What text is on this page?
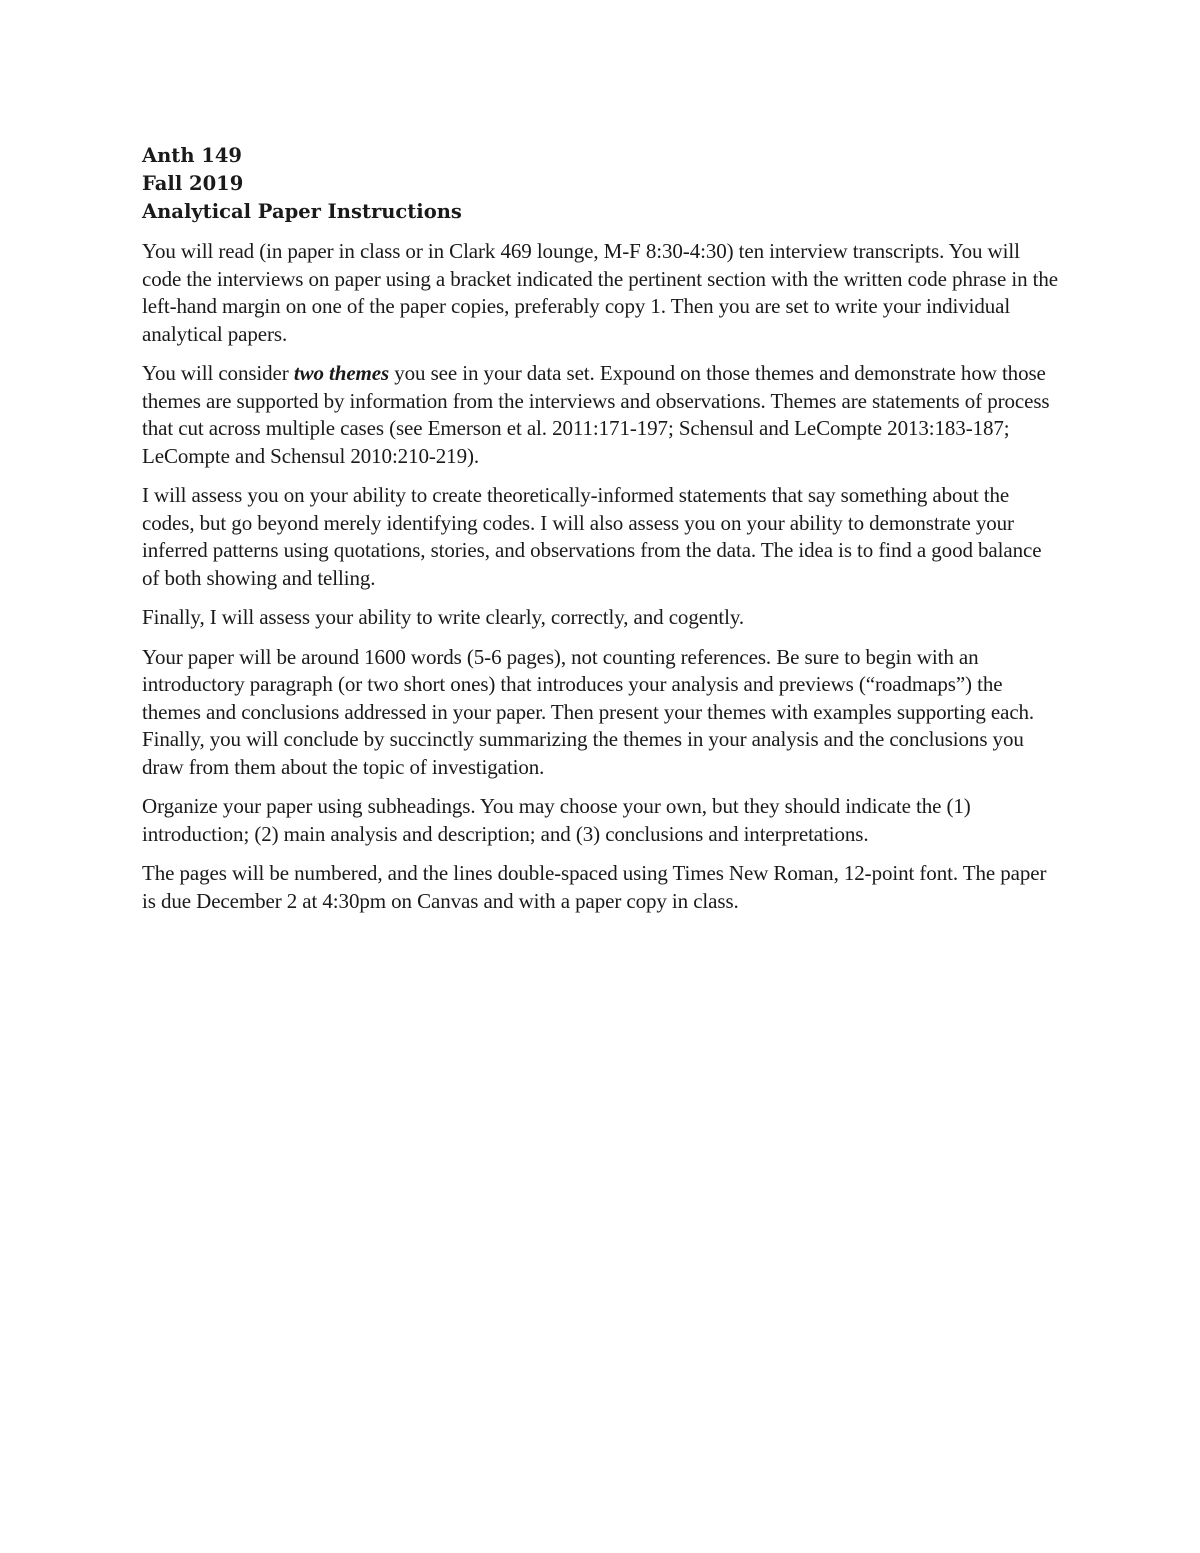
Anth 149
Fall 2019
Analytical Paper Instructions

You will read (in paper in class or in Clark 469 lounge, M-F 8:30-4:30) ten interview transcripts. You will code the interviews on paper using a bracket indicated the pertinent section with the written code phrase in the left-hand margin on one of the paper copies, preferably copy 1. Then you are set to write your individual analytical papers.

You will consider two themes you see in your data set. Expound on those themes and demonstrate how those themes are supported by information from the interviews and observations. Themes are statements of process that cut across multiple cases (see Emerson et al. 2011:171-197; Schensul and LeCompte 2013:183-187; LeCompte and Schensul 2010:210-219).

I will assess you on your ability to create theoretically-informed statements that say something about the codes, but go beyond merely identifying codes. I will also assess you on your ability to demonstrate your inferred patterns using quotations, stories, and observations from the data. The idea is to find a good balance of both showing and telling.

Finally, I will assess your ability to write clearly, correctly, and cogently.

Your paper will be around 1600 words (5-6 pages), not counting references. Be sure to begin with an introductory paragraph (or two short ones) that introduces your analysis and previews (“roadmaps”) the themes and conclusions addressed in your paper. Then present your themes with examples supporting each. Finally, you will conclude by succinctly summarizing the themes in your analysis and the conclusions you draw from them about the topic of investigation.

Organize your paper using subheadings. You may choose your own, but they should indicate the (1) introduction; (2) main analysis and description; and (3) conclusions and interpretations.

The pages will be numbered, and the lines double-spaced using Times New Roman, 12-point font. The paper is due December 2 at 4:30pm on Canvas and with a paper copy in class.
